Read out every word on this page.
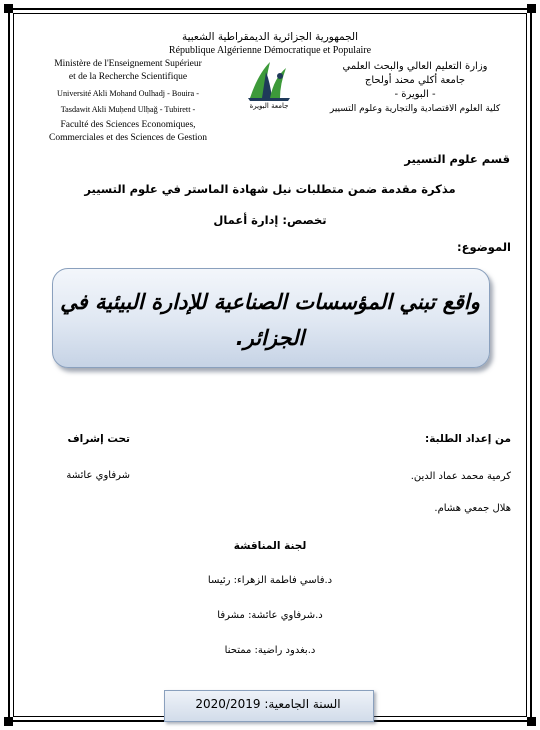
الجمهورية الجزائرية الديمقراطية الشعبية
République Algérienne Démocratique et Populaire
Ministère de l'Enseignement Supérieur
et de la Recherche Scientifique
Université Akli Mohand Oulhadj - Bouira -
Tasdawit Akli Muḥend Ulḥağ - Tubirett -
Faculté des Sciences Economiques,
Commerciales et des Sciences de Gestion
وزارة التعليم العالي والبحث العلمي
جامعة أكلي محند أولحاج
- البويرة -
كلية العلوم الاقتصادية والتجارية وعلوم التسيير
جامعة البويرة
قسم علوم التسيير
مذكرة مقدمة ضمن متطلبات نيل شهادة الماستر في علوم التسيير
تخصص: إدارة أعمال
الموضوع:
واقع تبني المؤسسات الصناعية للإدارة البيئية في
الجزائر.
من إعداد الطلبة:
كرمية محمد عماد الدين.
هلال جمعي هشام.
تحت إشراف
شرفاوي عائشة
لجنة المناقشة
د.فاسي فاطمة الزهراء: رئيسا
د.شرفاوي عائشة: مشرفا
د.بغدود راضية: ممتحنا
السنة الجامعية: 2020/2019
